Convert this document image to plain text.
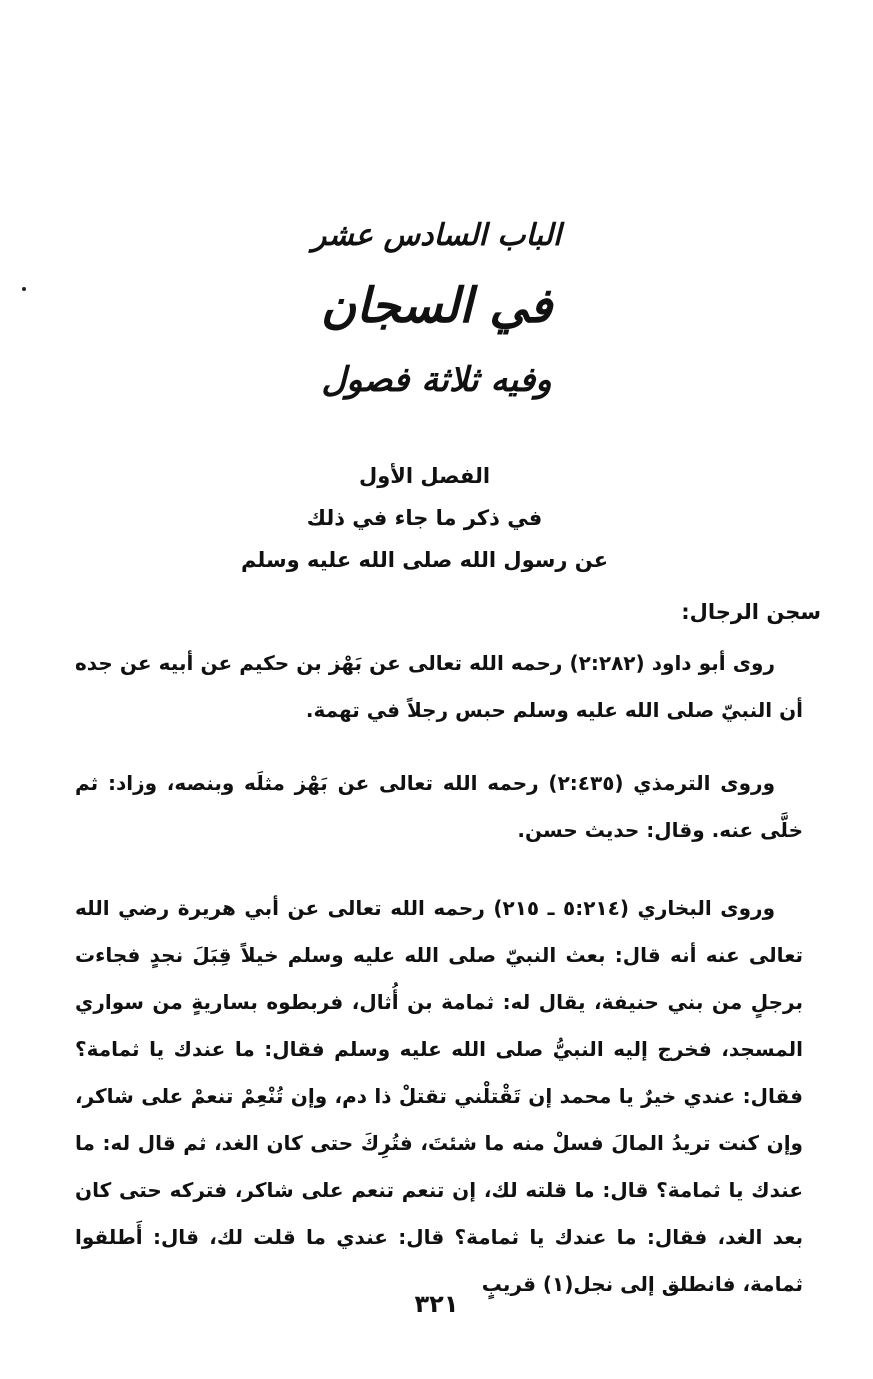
الباب السادس عشر
في السجان
وفيه ثلاثة فصول
الفصل الأول
في ذكر ما جاء في ذلك
عن رسول الله صلى الله عليه وسلم
سجن الرجال:
روى أبو داود (٢:٢٨٢) رحمه الله تعالى عن بَهْز بن حكيم عن أبيه عن جده أن النبيّ صلى الله عليه وسلم حبس رجلاً في تهمة.
وروى الترمذي (٢:٤٣٥) رحمه الله تعالى عن بَهْز مثلَه وبنصه، وزاد: ثم خلَّى عنه. وقال: حديث حسن.
وروى البخاري (٥:٢١٤ ـ ٢١٥) رحمه الله تعالى عن أبي هريرة رضي الله تعالى عنه أنه قال: بعث النبيّ صلى الله عليه وسلم خيلاً قِبَلَ نجدٍ فجاءت برجلٍ من بني حنيفة، يقال له: ثمامة بن أُثال، فربطوه بساريةٍ من سواري المسجد، فخرج إليه النبيُّ صلى الله عليه وسلم فقال: ما عندك يا ثمامة؟ فقال: عندي خيرٌ يا محمد إن تَقْتلْني تقتلْ ذا دم، وإن تُنْعِمْ تنعمْ على شاكر، وإن كنت تريدُ المالَ فسلْ منه ما شئتَ، فتُرِكَ حتى كان الغد، ثم قال له: ما عندك يا ثمامة؟ قال: ما قلته لك، إن تنعم تنعم على شاكر، فتركه حتى كان بعد الغد، فقال: ما عندك يا ثمامة؟ قال: عندي ما قلت لك، قال: أَطلقوا ثمامة، فانطلق إلى نجل(١) قريبٍ
٣٢١
